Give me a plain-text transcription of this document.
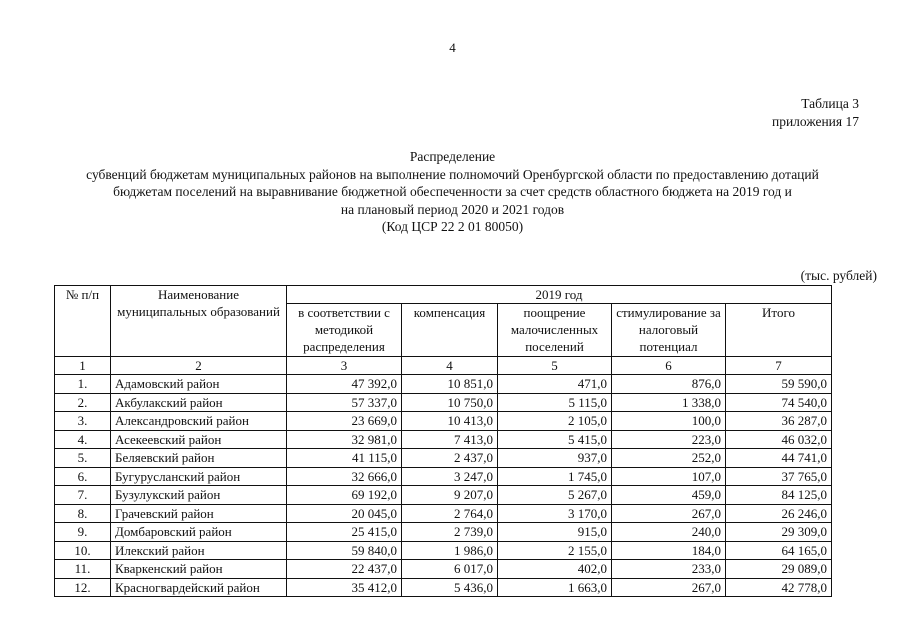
4
Таблица 3
приложения 17
Распределение
субвенций бюджетам муниципальных районов на выполнение полномочий Оренбургской области по предоставлению дотаций
бюджетам поселений на выравнивание бюджетной обеспеченности за счет средств областного бюджета на 2019 год и
на плановый период 2020 и 2021 годов
(Код ЦСР 22 2 01 80050)
(тыс. рублей)
№ п/п	Наименование муниципальных образований	2019 год				
		в соответствии с методикой распределения	компенсация	поощрение малочисленных поселений	стимулирование за налоговый потенциал	Итого
1	2	3	4	5	6	7
1.	Адамовский район	47 392,0	10 851,0	471,0	876,0	59 590,0
2.	Акбулакский район	57 337,0	10 750,0	5 115,0	1 338,0	74 540,0
3.	Александровский район	23 669,0	10 413,0	2 105,0	100,0	36 287,0
4.	Асекеевский район	32 981,0	7 413,0	5 415,0	223,0	46 032,0
5.	Беляевский район	41 115,0	2 437,0	937,0	252,0	44 741,0
6.	Бугурусланский район	32 666,0	3 247,0	1 745,0	107,0	37 765,0
7.	Бузулукский район	69 192,0	9 207,0	5 267,0	459,0	84 125,0
8.	Грачевский район	20 045,0	2 764,0	3 170,0	267,0	26 246,0
9.	Домбаровский район	25 415,0	2 739,0	915,0	240,0	29 309,0
10.	Илекский район	59 840,0	1 986,0	2 155,0	184,0	64 165,0
11.	Кваркенский район	22 437,0	6 017,0	402,0	233,0	29 089,0
12.	Красногвардейский район	35 412,0	5 436,0	1 663,0	267,0	42 778,0
